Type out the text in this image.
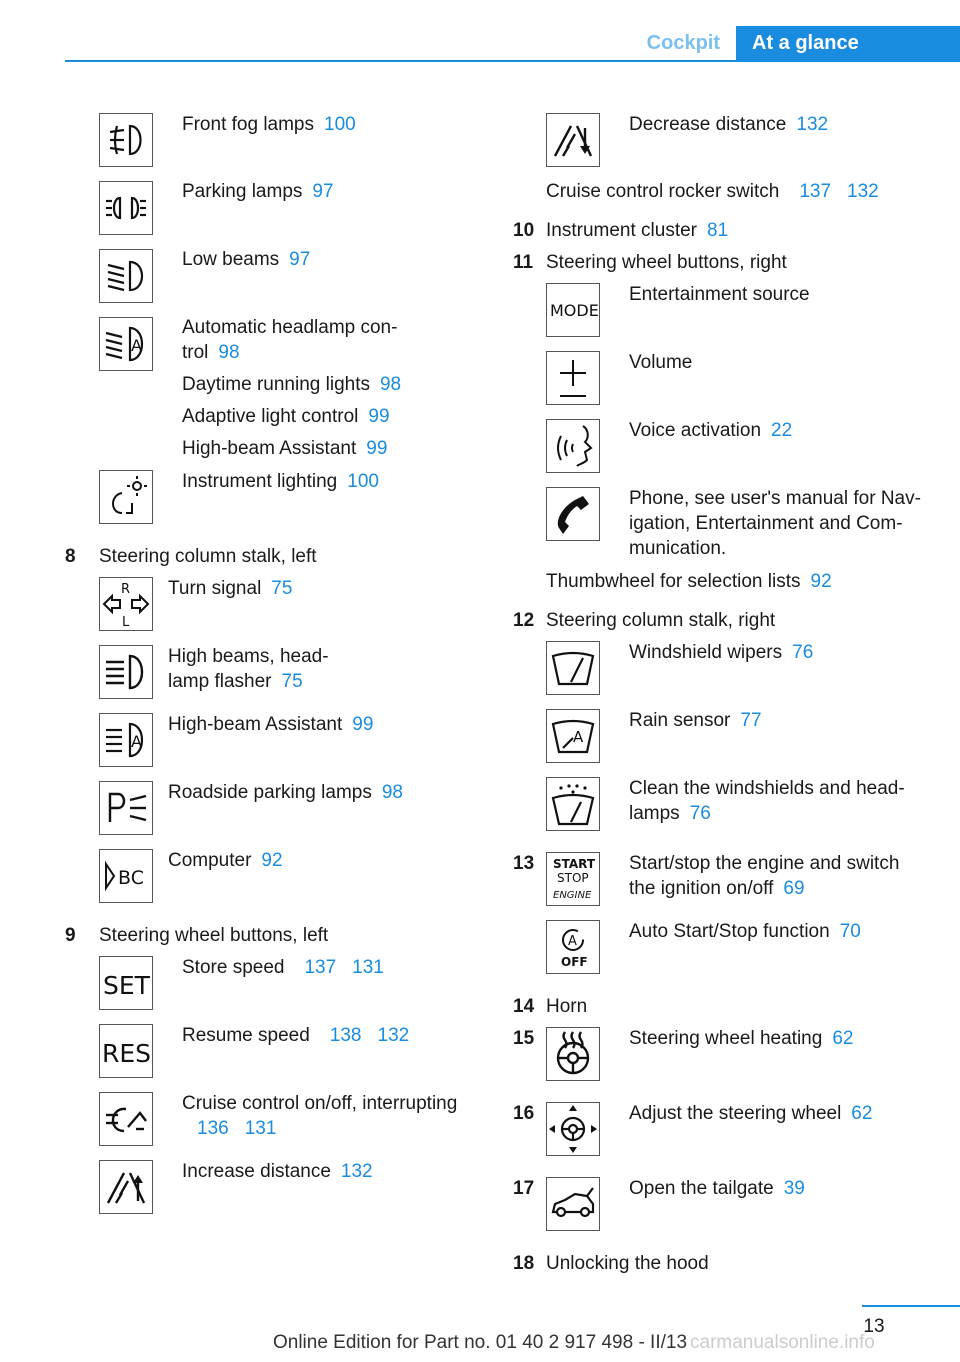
Cockpit	At a glance
Front fog lamps 100
Parking lamps 97
Low beams 97
A
Automatic headlamp con-
trol 98
Daytime running lights 98
Adaptive light control 99
High-beam Assistant 99
Instrument lighting 100
8 Steering column stalk, left
R
L
Turn signal 75
High beams, head-
lamp flasher 75
A
High-beam Assistant 99
Roadside parking lamps 98
BC
Computer 92
9 Steering wheel buttons, left
SET
Store speed 137 131
RES
Resume speed 138 132
Cruise control on/off, interrupting
136 131
Increase distance 132
Decrease distance 132
Cruise control rocker switch 137 132
10 Instrument cluster 81
11 Steering wheel buttons, right
MODE
Entertainment source
Volume
Voice activation 22
Phone, see user's manual for Nav-
igation, Entertainment and Com-
munication.
Thumbwheel for selection lists 92
12 Steering column stalk, right
Windshield wipers 76
A
Rain sensor 77
Clean the windshields and head-
lamps 76
13 START
STOP
ENGINE
Start/stop the engine and switch
the ignition on/off 69
A
OFF
Auto Start/Stop function 70
14 Horn
15	Steering wheel heating 62
16	Adjust the steering wheel 62
17	Open the tailgate 39
18 Unlocking the hood
13
Online Edition for Part no. 01 40 2 917 498 - II/13 carmanualsonline.info
